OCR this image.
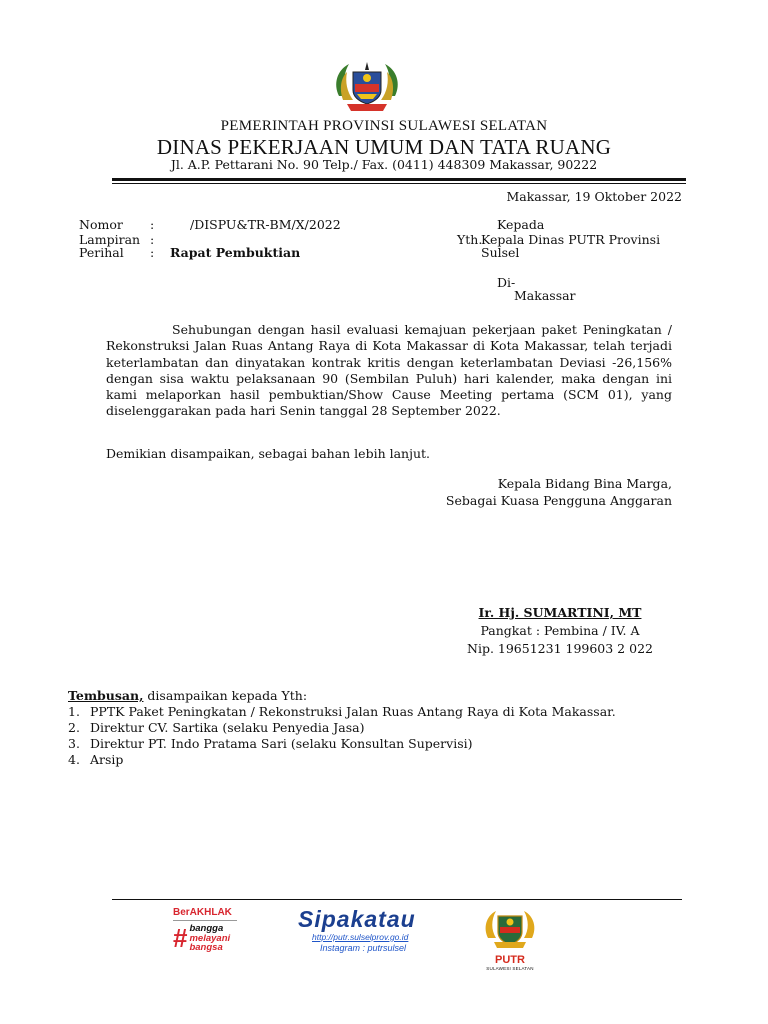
PEMERINTAH PROVINSI SULAWESI SELATAN
DINAS PEKERJAAN UMUM DAN TATA RUANG
Jl. A.P. Pettarani No. 90 Telp./ Fax. (0411) 448309 Makassar, 90222
Makassar, 19 Oktober 2022
Nomor :	/DISPU&TR-BM/X/2022
Lampiran :
Perihal : Rapat Pembuktian
Kepada
Yth.
Kepala Dinas PUTR Provinsi
Sulsel
Di-
Makassar

Sehubungan dengan hasil evaluasi kemajuan pekerjaan paket Peningkatan / Rekonstruksi Jalan Ruas Antang Raya di Kota Makassar di Kota Makassar, telah terjadi keterlambatan dan dinyatakan kontrak kritis dengan keterlambatan Deviasi -26,156% dengan sisa waktu pelaksanaan 90 (Sembilan Puluh) hari kalender, maka dengan ini kami melaporkan hasil pembuktian/Show Cause Meeting pertama (SCM 01), yang diselenggarakan pada hari Senin tanggal 28 September 2022.

Demikian disampaikan, sebagai bahan lebih lanjut.
Kepala Bidang Bina Marga,
Sebagai Kuasa Pengguna Anggaran
Ir. Hj. SUMARTINI, MT
Pangkat : Pembina / IV. A
Nip. 19651231 199603 2 022
Tembusan, disampaikan kepada Yth:
1. PPTK Paket Peningkatan / Rekonstruksi Jalan Ruas Antang Raya di Kota Makassar.
2. Direktur CV. Sartika (selaku Penyedia Jasa)
3. Direktur PT. Indo Pratama Sari (selaku Konsultan Supervisi)
4. Arsip
BerAKHLAK
# bangga
melayani
bangsa
Sipakatau
http://putr.sulselprov.go.id
Instagram : putrsulsel
PUTR
SULAWESI SELATAN
